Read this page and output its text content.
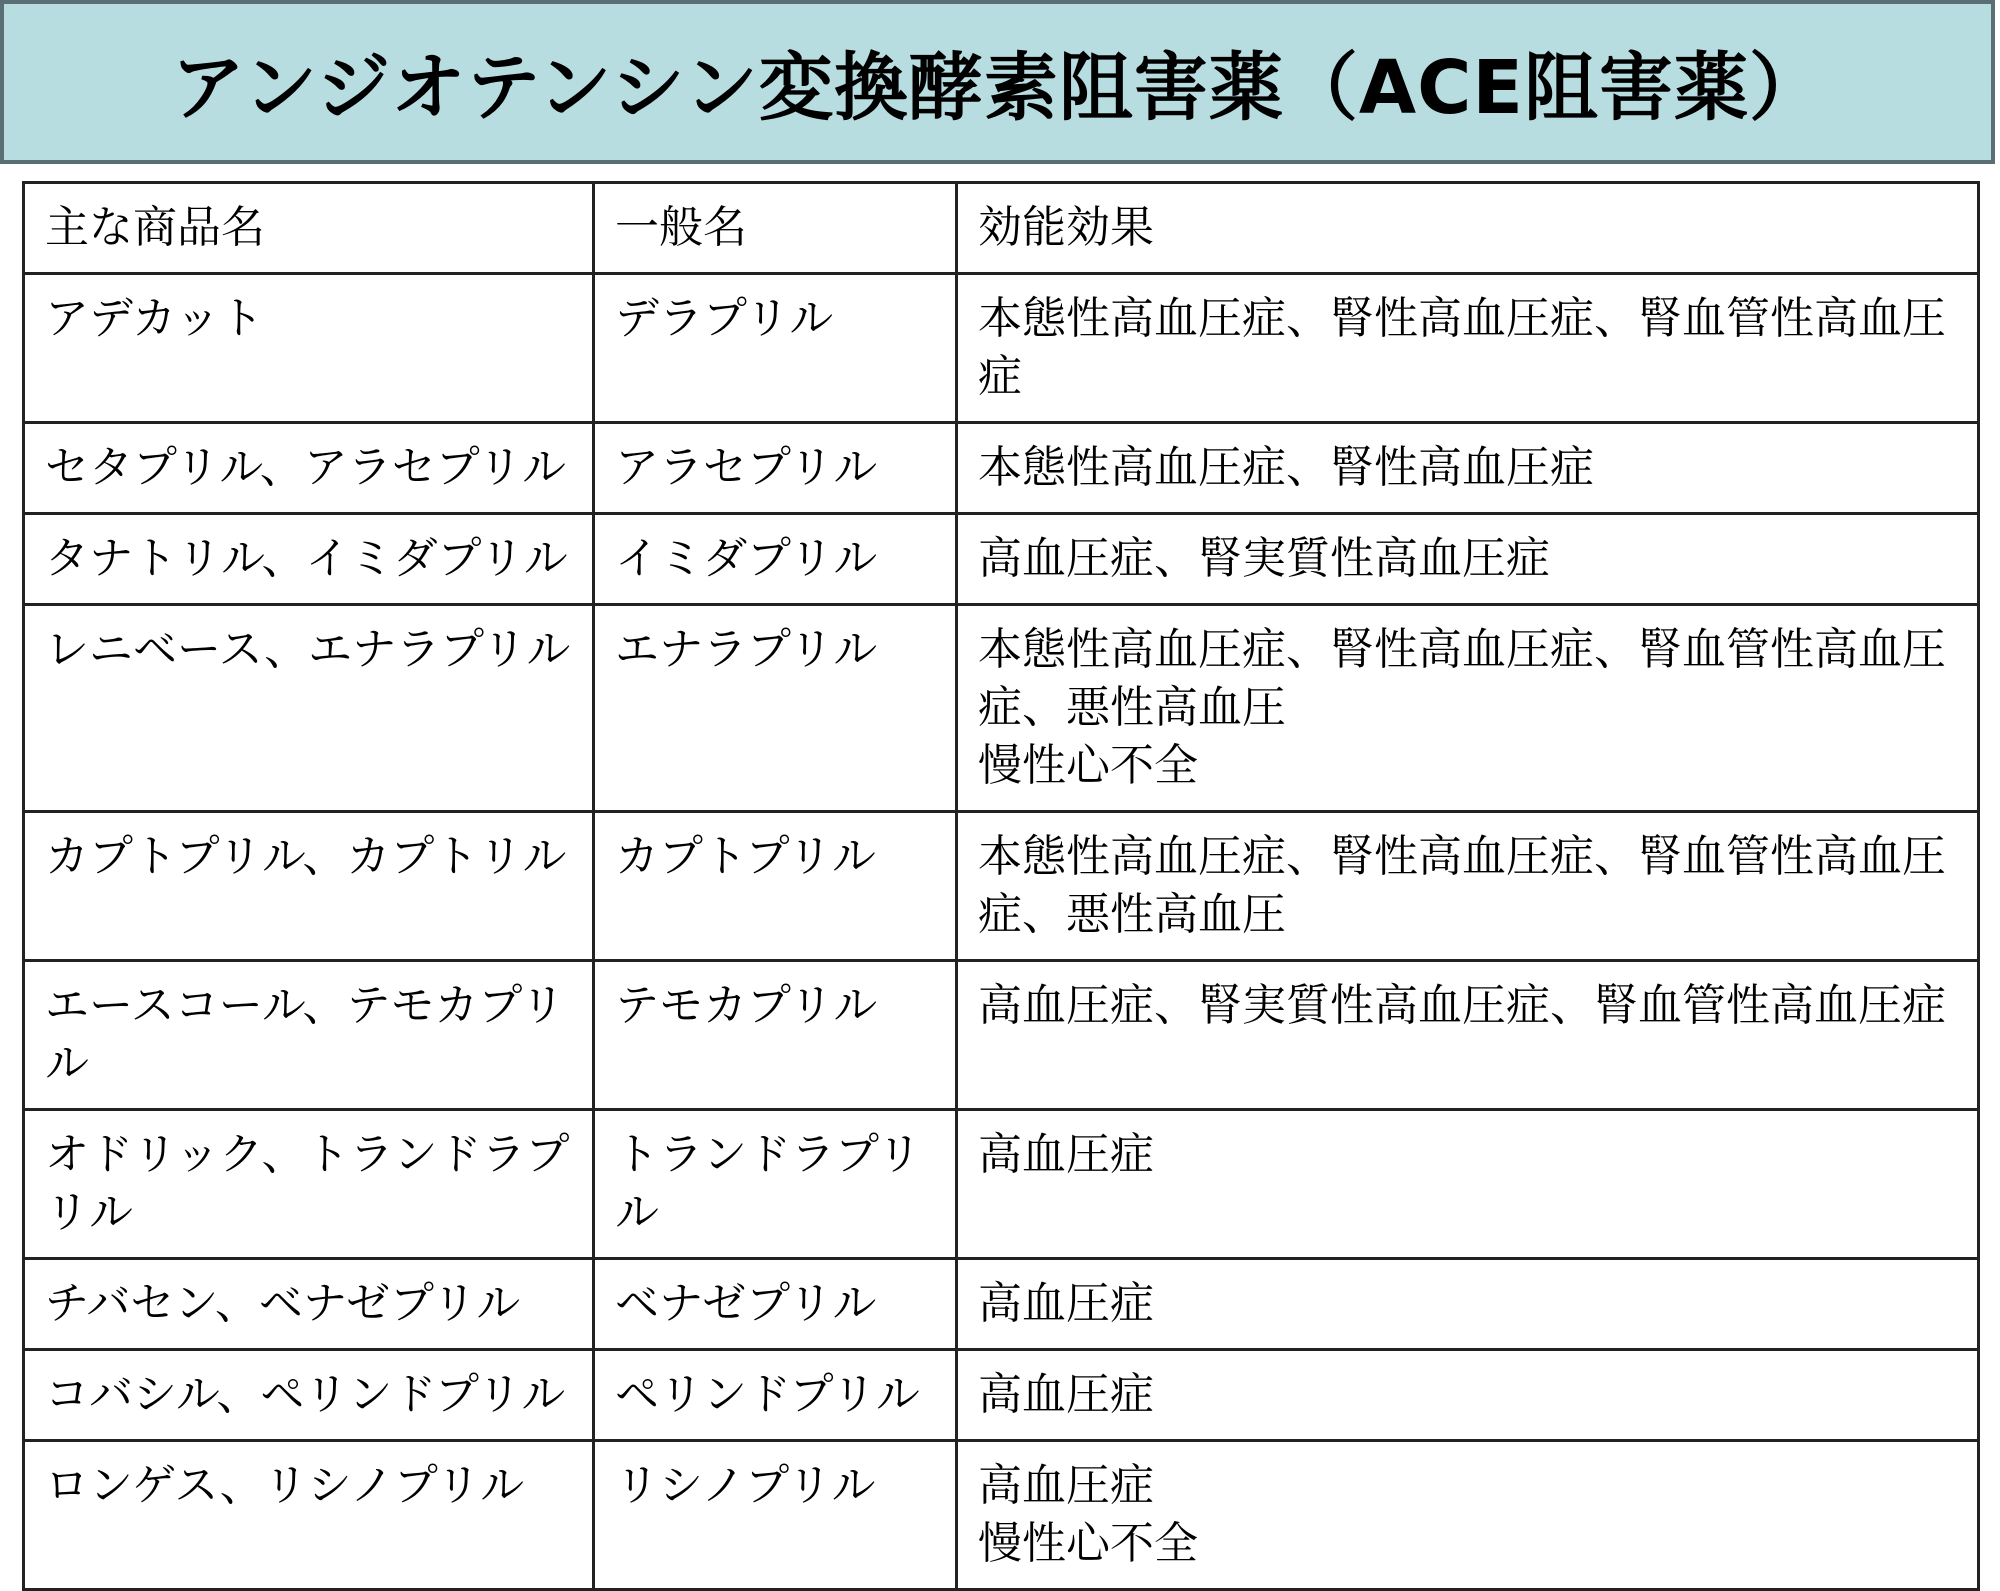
アンジオテンシン変換酵素阻害薬（ACE阻害薬）
主な商品名	一般名	効能効果
アデカット	デラプリル	本態性高血圧症、腎性高血圧症、腎血管性高血圧症
セタプリル、アラセプリル	アラセプリル	本態性高血圧症、腎性高血圧症
タナトリル、イミダプリル	イミダプリル	高血圧症、腎実質性高血圧症
レニベース、エナラプリル	エナラプリル	本態性高血圧症、腎性高血圧症、腎血管性高血圧症、悪性高血圧
慢性心不全
カプトプリル、カプトリル	カプトプリル	本態性高血圧症、腎性高血圧症、腎血管性高血圧症、悪性高血圧
エースコール、テモカプリル	テモカプリル	高血圧症、腎実質性高血圧症、腎血管性高血圧症
オドリック、トランドラプリル	トランドラプリル	高血圧症
チバセン、ベナゼプリル	ベナゼプリル	高血圧症
コバシル、ペリンドプリル	ペリンドプリル	高血圧症
ロンゲス、リシノプリル	リシノプリル	高血圧症
慢性心不全
